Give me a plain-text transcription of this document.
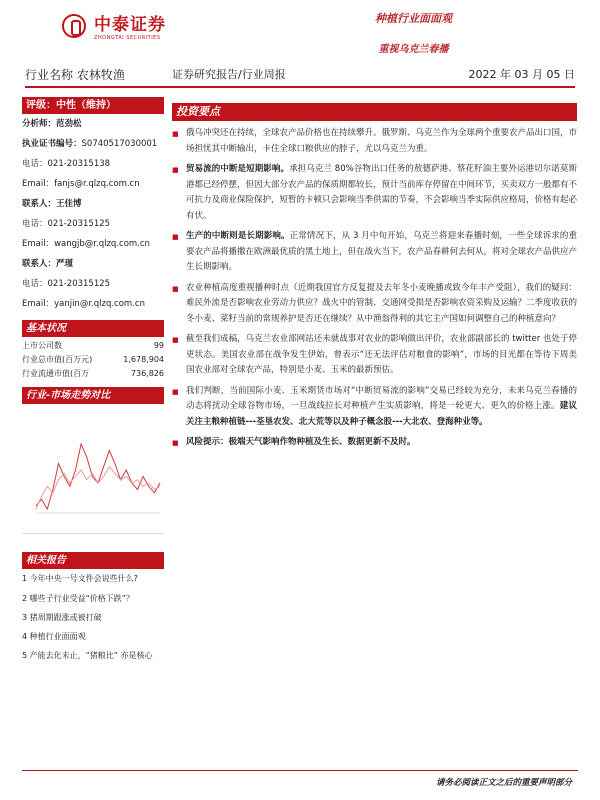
中泰证券
ZHONGTAI SECURITIES
种植行业面面观
重视乌克兰春播
行业名称 农林牧渔	证券研究报告/行业周报	2022 年 03 月 05 日
评级：中性（维持）
分析师：范劲松
执业证书编号：S0740517030001
电话：021-20315138
Email：fanjs@r.qlzq.com.cn
联系人：王佳博
电话：021-20315125
Email：wangjb@r.qlzq.com.cn
联系人：严瑾
电话：021-20315125
Email：yanjin@r.qlzq.com.cn
基本状况
上市公司数	99
行业总市值(百万元)	1,678,904
行业流通市值(百万	736,826
行业-市场走势对比
相关报告
1 今年中央一号文件会说些什么?
2 哪些子行业受益“价格下跌”？
3 猪周期跟涨或被打破
4 种植行业面面观
5 产能去化未止，“猪粮比” 亦是核心
投资要点
■ 俄乌冲突还在持续，全球农产品价格也在持续攀升。俄罗斯、乌克兰作为全球两个重要农产品出口国，市场担忧其中断输出，卡住全球口粮供应的脖子，尤以乌克兰为重。
■ 贸易流的中断是短期影响。承担乌克兰 80%谷物出口任务的敖德萨港、蔡花籽油主要外运港切尔诺莫斯港都已经停摆，但因大部分农产品的保质期都较长，预计当前库存停留在中间环节，买卖双方一般都有不可抗力及商业保险保护，短暂的卡顿只会影响当季供需的节奏，不会影响当季实际供应格局，价格有起必有伏。
■ 生产的中断则是长期影响。正常情况下，从 3 月中旬开始，乌克兰将迎来春播时刻，一些全球诉求的重要农产品将播撒在欧洲最优质的黑土地上，但在战火当下，农产品春耕何去何从，将对全球农产品供应产生长期影响。
■ 农业种植高度重视播种时点（近期我国官方反复提及去年冬小麦晚播或致今年丰产受阻），我们的疑问：难民外流是否影响农业劳动力供应？战火中的管制、交通网受损是否影响农资采购及运输？二季度收获的冬小麦、菜籽当前的常规养护是否还在继续？从中渔翁得利的其它主产国如何调整自己的种植意向？
■ 截至我们成稿，乌克兰农业部网站还未就战事对农业的影响做出评价，农业部副部长的 twitter 也处于停更状态。美国农业部在战争发生伊始，曾表示“还无法评估对粮食的影响”，市场的目光都在等待下周美国农业部对全球农产品，特别是小麦、玉米的最新预估。
■ 我们判断，当前国际小麦、玉米期货市场对“中断贸易流的影响”交易已经较为充分，未来乌克兰春播的动态将扰动全球谷物市场，一旦战线拉长对种植产生实质影响，将是一轮更大、更久的价格上涨。建议关注主粮种植链---荃垦农发、北大荒等以及种子概念股---大北农、登海种业等。
■ 风险提示：极端天气影响作物种植及生长、数据更新不及时。
请务必阅读正文之后的重要声明部分
